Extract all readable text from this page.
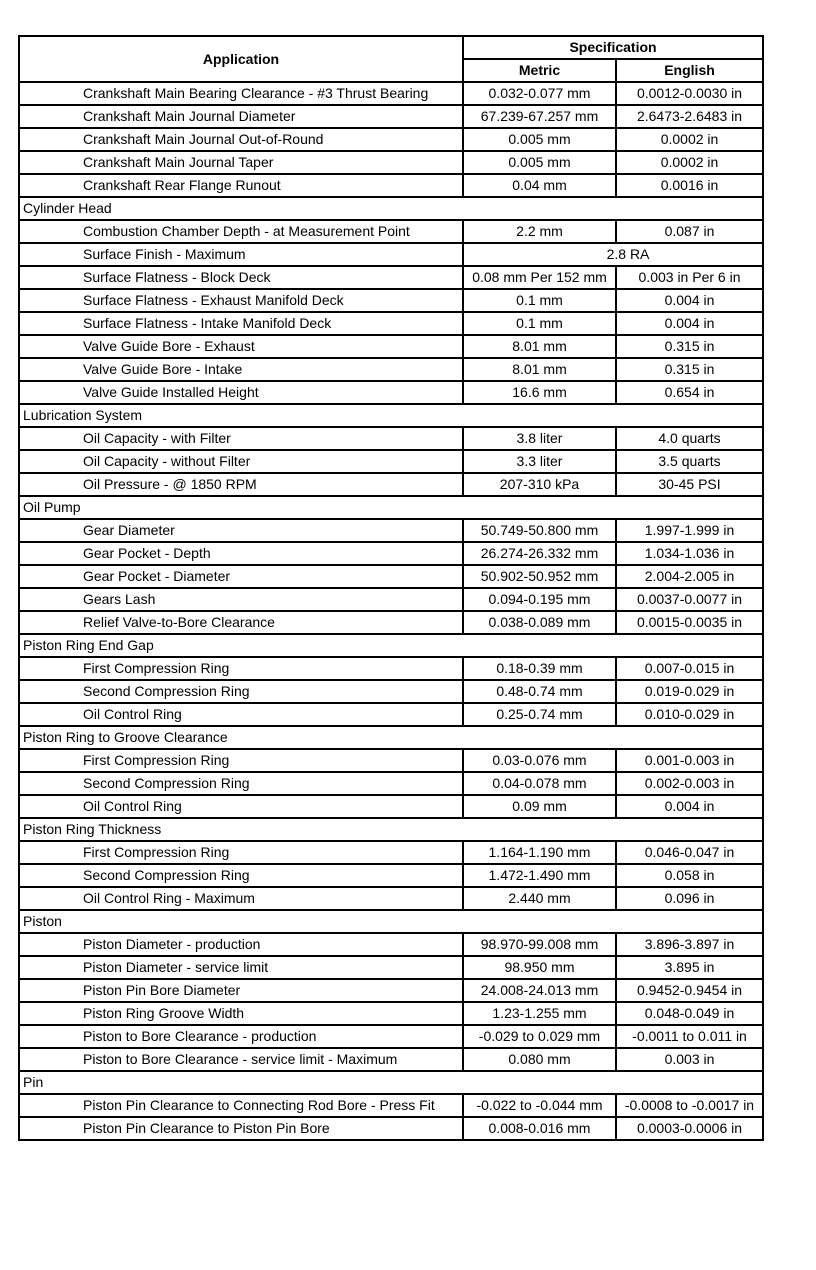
Application	Specification	
	Metric	English
Crankshaft Main Bearing Clearance - #3 Thrust Bearing	0.032-0.077 mm	0.0012-0.0030 in
Crankshaft Main Journal Diameter	67.239-67.257 mm	2.6473-2.6483 in
Crankshaft Main Journal Out-of-Round	0.005 mm	0.0002 in
Crankshaft Main Journal Taper	0.005 mm	0.0002 in
Crankshaft Rear Flange Runout	0.04 mm	0.0016 in
Cylinder Head		
Combustion Chamber Depth - at Measurement Point	2.2 mm	0.087 in
Surface Finish - Maximum	2.8 RA	
Surface Flatness - Block Deck	0.08 mm Per 152 mm	0.003 in Per 6 in
Surface Flatness - Exhaust Manifold Deck	0.1 mm	0.004 in
Surface Flatness - Intake Manifold Deck	0.1 mm	0.004 in
Valve Guide Bore - Exhaust	8.01 mm	0.315 in
Valve Guide Bore - Intake	8.01 mm	0.315 in
Valve Guide Installed Height	16.6 mm	0.654 in
Lubrication System		
Oil Capacity - with Filter	3.8 liter	4.0 quarts
Oil Capacity - without Filter	3.3 liter	3.5 quarts
Oil Pressure - @ 1850 RPM	207-310 kPa	30-45 PSI
Oil Pump		
Gear Diameter	50.749-50.800 mm	1.997-1.999 in
Gear Pocket - Depth	26.274-26.332 mm	1.034-1.036 in
Gear Pocket - Diameter	50.902-50.952 mm	2.004-2.005 in
Gears Lash	0.094-0.195 mm	0.0037-0.0077 in
Relief Valve-to-Bore Clearance	0.038-0.089 mm	0.0015-0.0035 in
Piston Ring End Gap		
First Compression Ring	0.18-0.39 mm	0.007-0.015 in
Second Compression Ring	0.48-0.74 mm	0.019-0.029 in
Oil Control Ring	0.25-0.74 mm	0.010-0.029 in
Piston Ring to Groove Clearance		
First Compression Ring	0.03-0.076 mm	0.001-0.003 in
Second Compression Ring	0.04-0.078 mm	0.002-0.003 in
Oil Control Ring	0.09 mm	0.004 in
Piston Ring Thickness		
First Compression Ring	1.164-1.190 mm	0.046-0.047 in
Second Compression Ring	1.472-1.490 mm	0.058 in
Oil Control Ring - Maximum	2.440 mm	0.096 in
Piston		
Piston Diameter - production	98.970-99.008 mm	3.896-3.897 in
Piston Diameter - service limit	98.950 mm	3.895 in
Piston Pin Bore Diameter	24.008-24.013 mm	0.9452-0.9454 in
Piston Ring Groove Width	1.23-1.255 mm	0.048-0.049 in
Piston to Bore Clearance - production	-0.029 to 0.029 mm	-0.0011 to 0.011 in
Piston to Bore Clearance - service limit - Maximum	0.080 mm	0.003 in
Pin		
Piston Pin Clearance to Connecting Rod Bore - Press Fit	-0.022 to -0.044 mm	-0.0008 to -0.0017 in
Piston Pin Clearance to Piston Pin Bore	0.008-0.016 mm	0.0003-0.0006 in
